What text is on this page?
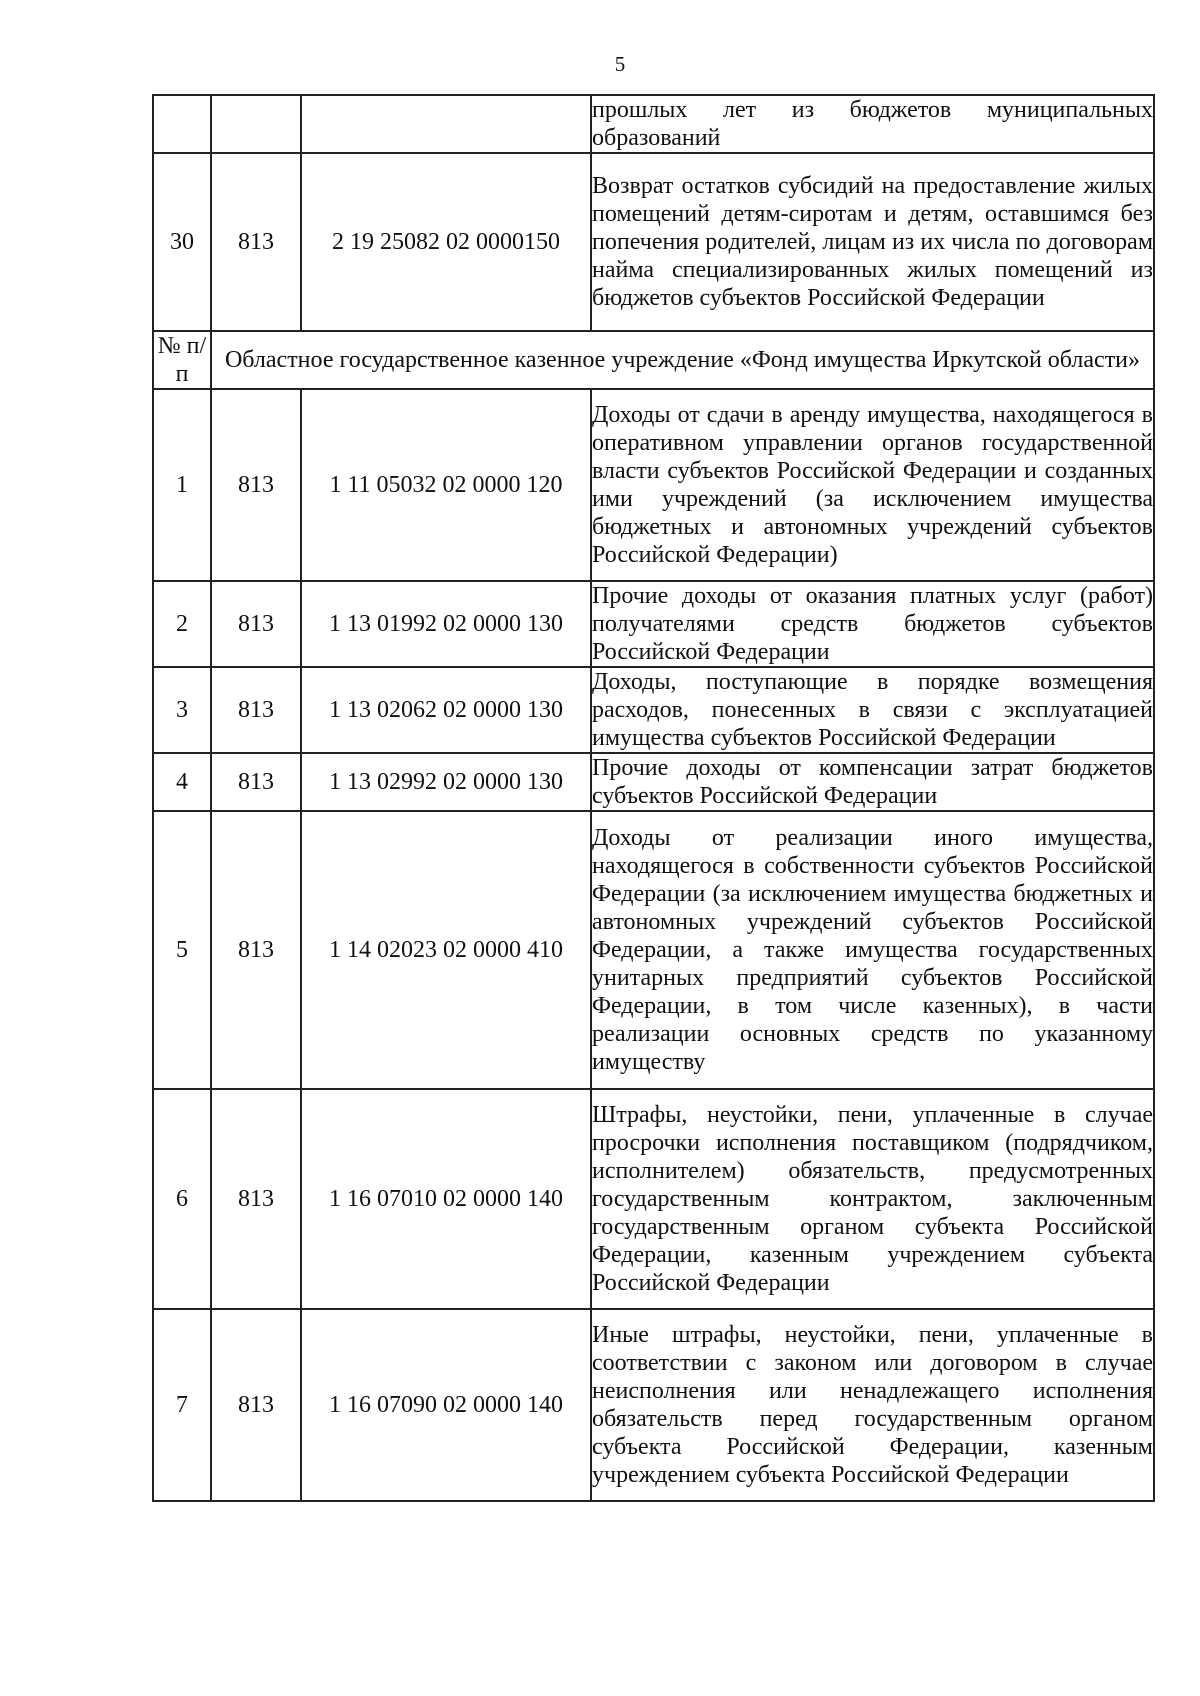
5
			прошлых лет из бюджетов муниципальных образований
30	813	2 19 25082 02 0000150	Возврат остатков субсидий на предоставление жилых помещений детям-сиротам и детям, оставшимся без попечения родителей, лицам из их числа по договорам найма специализированных жилых помещений из бюджетов субъектов Российской Федерации
№ п/п	Областное государственное казенное учреждение «Фонд имущества Иркутской области»		
1	813	1 11 05032 02 0000 120	Доходы от сдачи в аренду имущества, находящегося в оперативном управлении органов государственной власти субъектов Российской Федерации и созданных ими учреждений (за исключением имущества бюджетных и автономных учреждений субъектов Российской Федерации)
2	813	1 13 01992 02 0000 130	Прочие доходы от оказания платных услуг (работ) получателями средств бюджетов субъектов Российской Федерации
3	813	1 13 02062 02 0000 130	Доходы, поступающие в порядке возмещения расходов, понесенных в связи с эксплуатацией имущества субъектов Российской Федерации
4	813	1 13 02992 02 0000 130	Прочие доходы от компенсации затрат бюджетов субъектов Российской Федерации
5	813	1 14 02023 02 0000 410	Доходы от реализации иного имущества, находящегося в собственности субъектов Российской Федерации (за исключением имущества бюджетных и автономных учреждений субъектов Российской Федерации, а также имущества государственных унитарных предприятий субъектов Российской Федерации, в том числе казенных), в части реализации основных средств по указанному имуществу
6	813	1 16 07010 02 0000 140	Штрафы, неустойки, пени, уплаченные в случае просрочки исполнения поставщиком (подрядчиком, исполнителем) обязательств, предусмотренных государственным контрактом, заключенным государственным органом субъекта Российской Федерации, казенным учреждением субъекта Российской Федерации
7	813	1 16 07090 02 0000 140	Иные штрафы, неустойки, пени, уплаченные в соответствии с законом или договором в случае неисполнения или ненадлежащего исполнения обязательств перед государственным органом субъекта Российской Федерации, казенным учреждением субъекта Российской Федерации
